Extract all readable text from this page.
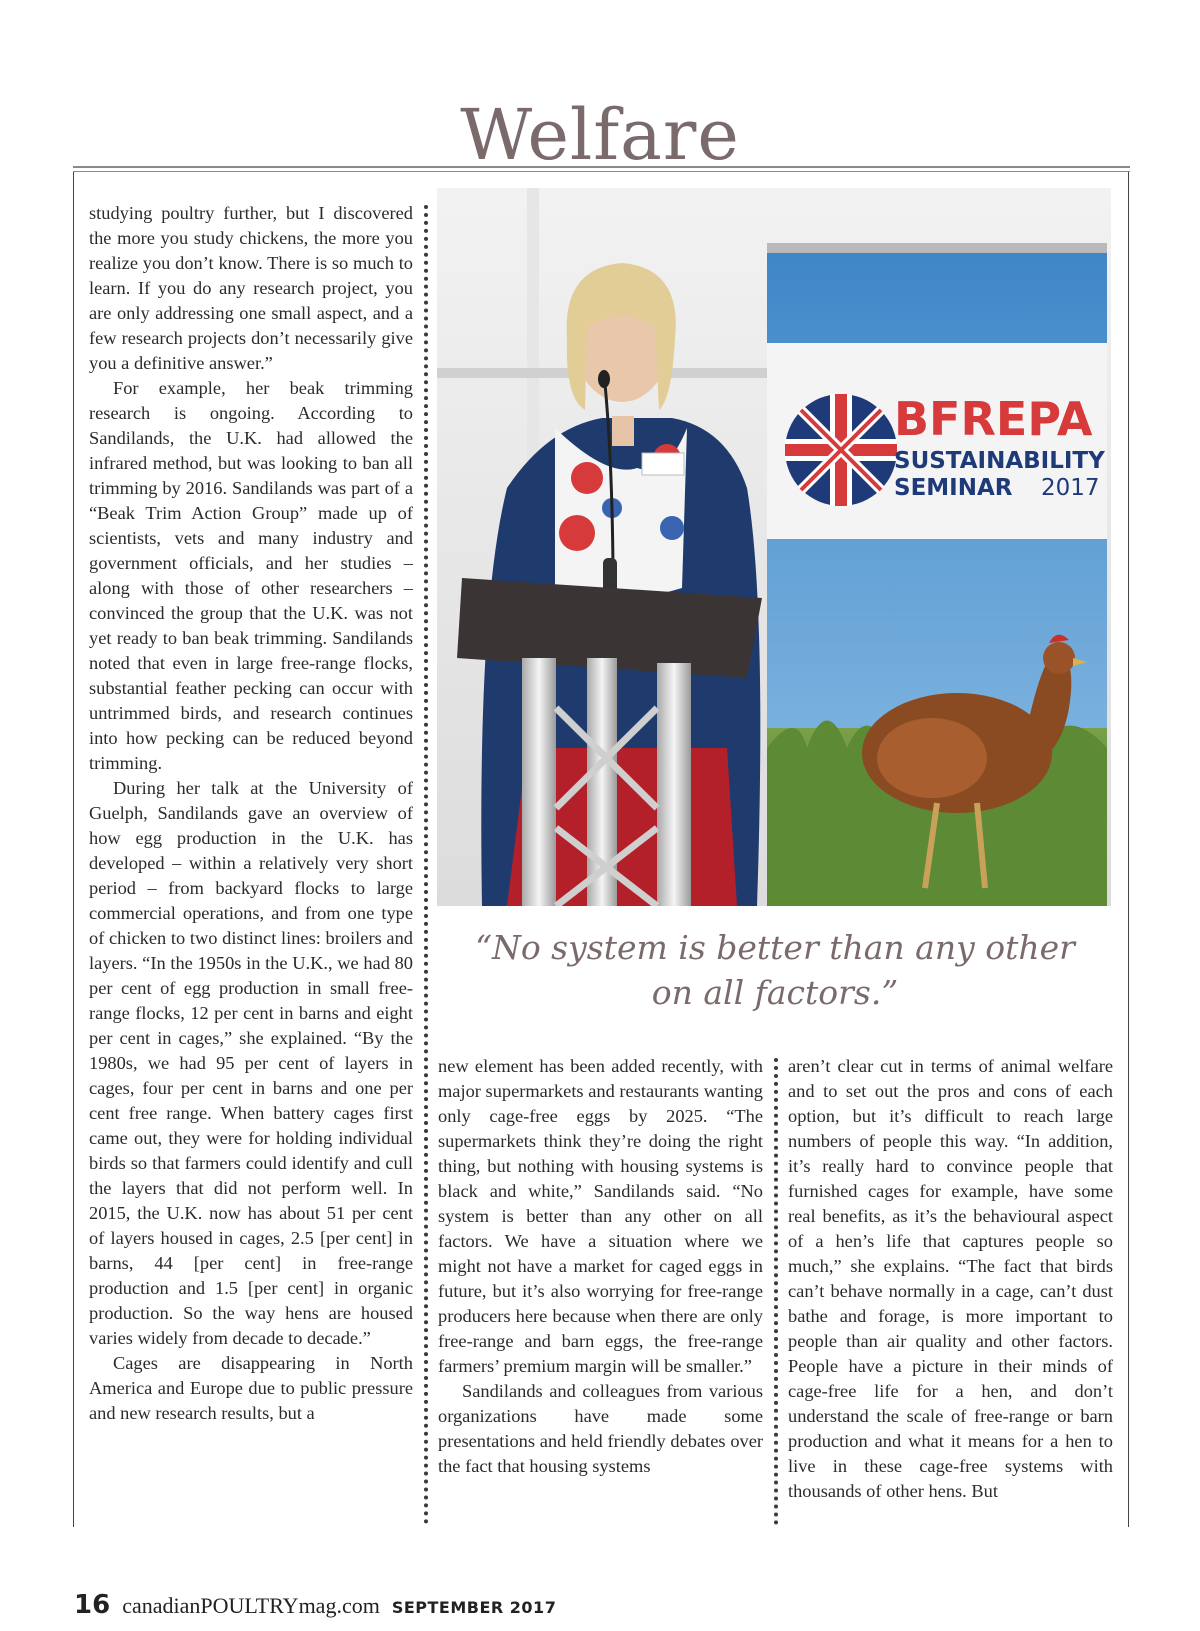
Welfare

studying poultry further, but I discovered the more you study chickens, the more you realize you don’t know. There is so much to learn. If you do any research project, you are only addressing one small aspect, and a few research projects don’t necessarily give you a definitive answer.”

For example, her beak trimming research is ongoing. According to Sandilands, the U.K. had allowed the infrared method, but was looking to ban all trimming by 2016. Sandilands was part of a “Beak Trim Action Group” made up of scientists, vets and many industry and government officials, and her studies – along with those of other researchers – convinced the group that the U.K. was not yet ready to ban beak trimming. Sandilands noted that even in large free-range flocks, substantial feather pecking can occur with untrimmed birds, and research continues into how pecking can be reduced beyond trimming.

During her talk at the University of Guelph, Sandilands gave an overview of how egg production in the U.K. has developed – within a relatively very short period – from backyard flocks to large commercial operations, and from one type of chicken to two distinct lines: broilers and layers. “In the 1950s in the U.K., we had 80 per cent of egg production in small free-range flocks, 12 per cent in barns and eight per cent in cages,” she explained. “By the 1980s, we had 95 per cent of layers in cages, four per cent in barns and one per cent free range. When battery cages first came out, they were for holding individual birds so that farmers could identify and cull the layers that did not perform well. In 2015, the U.K. now has about 51 per cent of layers housed in cages, 2.5 [per cent] in barns, 44 [per cent] in free-range production and 1.5 [per cent] in organic production. So the way hens are housed varies widely from decade to decade.”

Cages are disappearing in North America and Europe due to public pressure and new research results, but a

BFREPA
SUSTAINABILITY
SEMINAR 2017
“No system is better than any other
on all factors.”

new element has been added recently, with major supermarkets and restaurants wanting only cage-free eggs by 2025. “The supermarkets think they’re doing the right thing, but nothing with housing systems is black and white,” Sandilands said. “No system is better than any other on all factors. We have a situation where we might not have a market for caged eggs in future, but it’s also worrying for free-range producers here because when there are only free-range and barn eggs, the free-range farmers’ premium margin will be smaller.”

Sandilands and colleagues from various organizations have made some presentations and held friendly debates over the fact that housing systems

aren’t clear cut in terms of animal welfare and to set out the pros and cons of each option, but it’s difficult to reach large numbers of people this way. “In addition, it’s really hard to convince people that furnished cages for example, have some real benefits, as it’s the behavioural aspect of a hen’s life that captures people so much,” she explains. “The fact that birds can’t behave normally in a cage, can’t dust bathe and forage, is more important to people than air quality and other factors. People have a picture in their minds of cage-free life for a hen, and don’t understand the scale of free-range or barn production and what it means for a hen to live in these cage-free systems with thousands of other hens. But

16 canadianPOULTRYmag.com SEPTEMBER 2017
